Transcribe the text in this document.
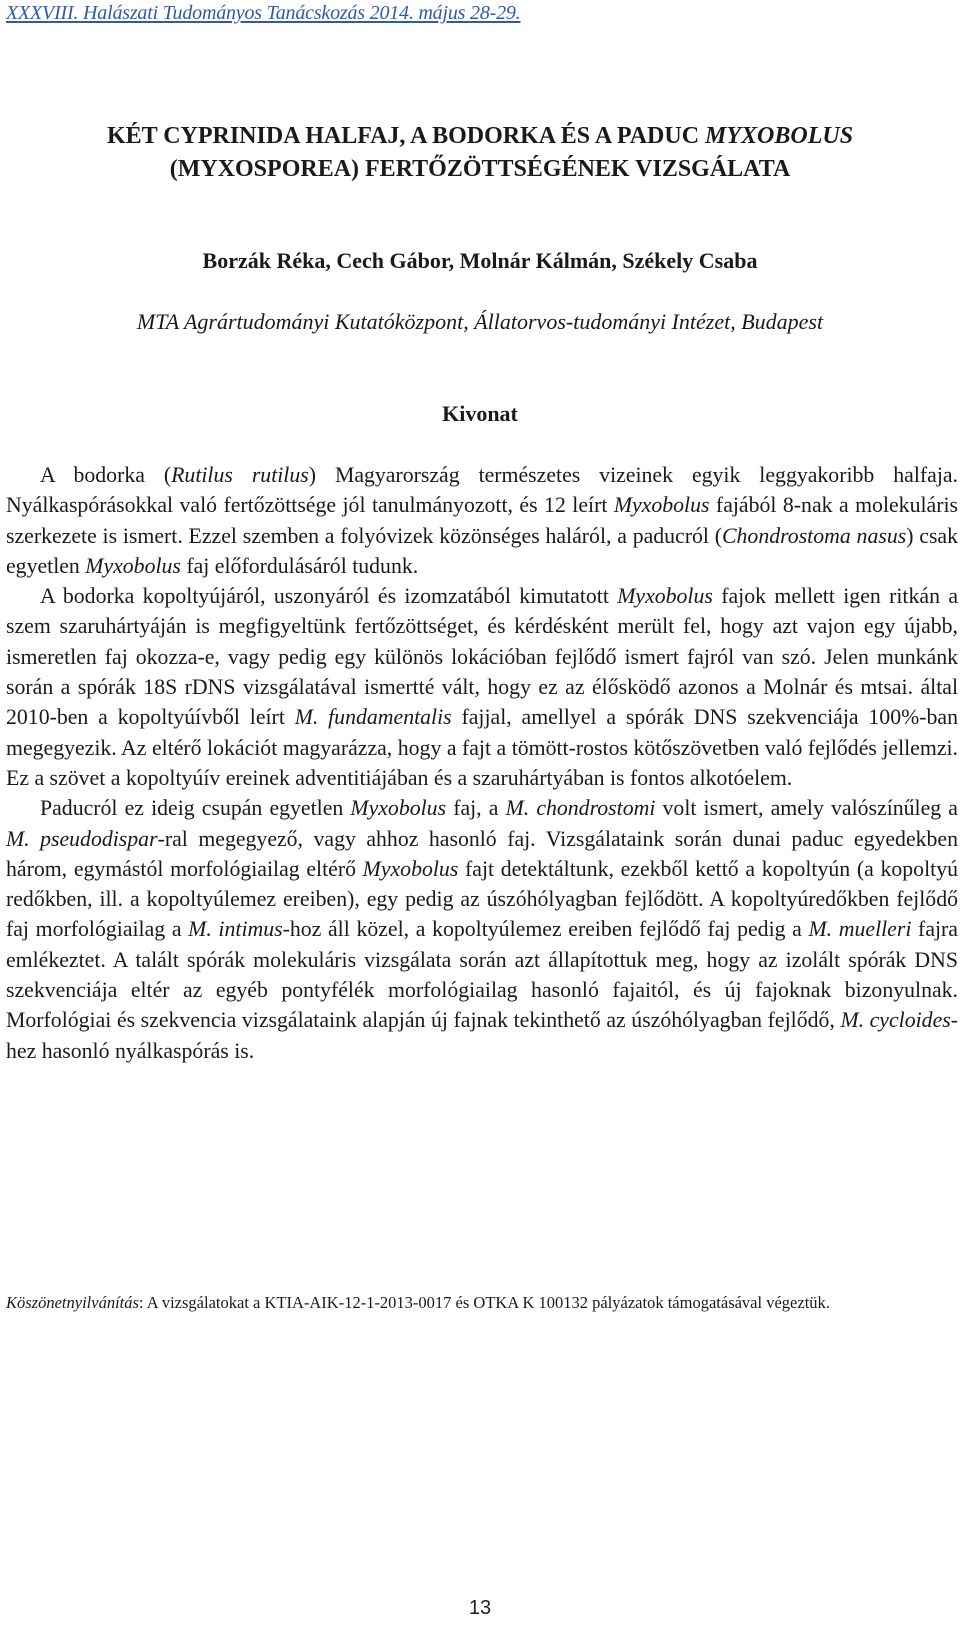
XXXVIII. Halászati Tudományos Tanácskozás 2014. május 28-29.
KÉT CYPRINIDA HALFAJ, A BODORKA ÉS A PADUC MYXOBOLUS
(MYXOSPOREA) FERTŐZÖTTSÉGÉNEK VIZSGÁLATA
Borzák Réka, Cech Gábor, Molnár Kálmán, Székely Csaba
MTA Agrártudományi Kutatóközpont, Állatorvos-tudományi Intézet, Budapest
Kivonat

A bodorka (Rutilus rutilus) Magyarország természetes vizeinek egyik leggyakoribb halfaja. Nyálkaspórásokkal való fertőzöttsége jól tanulmányozott, és 12 leírt Myxobolus fajából 8-nak a molekuláris szerkezete is ismert. Ezzel szemben a folyóvizek közönséges haláról, a paducról (Chondrostoma nasus) csak egyetlen Myxobolus faj előfordulásáról tudunk.

A bodorka kopoltyújáról, uszonyáról és izomzatából kimutatott Myxobolus fajok mellett igen ritkán a szem szaruhártyáján is megfigyeltünk fertőzöttséget, és kérdésként merült fel, hogy azt vajon egy újabb, ismeretlen faj okozza-e, vagy pedig egy különös lokációban fejlődő ismert fajról van szó. Jelen munkánk során a spórák 18S rDNS vizsgálatával ismertté vált, hogy ez az élősködő azonos a Molnár és mtsai. által 2010-ben a kopoltyúívből leírt M. fundamentalis fajjal, amellyel a spórák DNS szekvenciája 100%-ban megegyezik. Az eltérő lokációt magyarázza, hogy a fajt a tömött-rostos kötőszövetben való fejlődés jellemzi. Ez a szövet a kopoltyúív ereinek adventitiájában és a szaruhártyában is fontos alkotóelem.

Paducról ez ideig csupán egyetlen Myxobolus faj, a M. chondrostomi volt ismert, amely valószínűleg a M. pseudodispar-ral megegyező, vagy ahhoz hasonló faj. Vizsgálataink során dunai paduc egyedekben három, egymástól morfológiailag eltérő Myxobolus fajt detektáltunk, ezekből kettő a kopoltyún (a kopoltyú redőkben, ill. a kopoltyúlemez ereiben), egy pedig az úszóhólyagban fejlődött. A kopoltyúredőkben fejlődő faj morfológiailag a M. intimus-hoz áll közel, a kopoltyúlemez ereiben fejlődő faj pedig a M. muelleri fajra emlékeztet. A talált spórák molekuláris vizsgálata során azt állapítottuk meg, hogy az izolált spórák DNS szekvenciája eltér az egyéb pontyfélék morfológiailag hasonló fajaitól, és új fajoknak bizonyulnak. Morfológiai és szekvencia vizsgálataink alapján új fajnak tekinthető az úszóhólyagban fejlődő, M. cycloides-hez hasonló nyálkaspórás is.

Köszönetnyilvánítás: A vizsgálatokat a KTIA-AIK-12-1-2013-0017 és OTKA K 100132 pályázatok támogatásával végeztük.
13
